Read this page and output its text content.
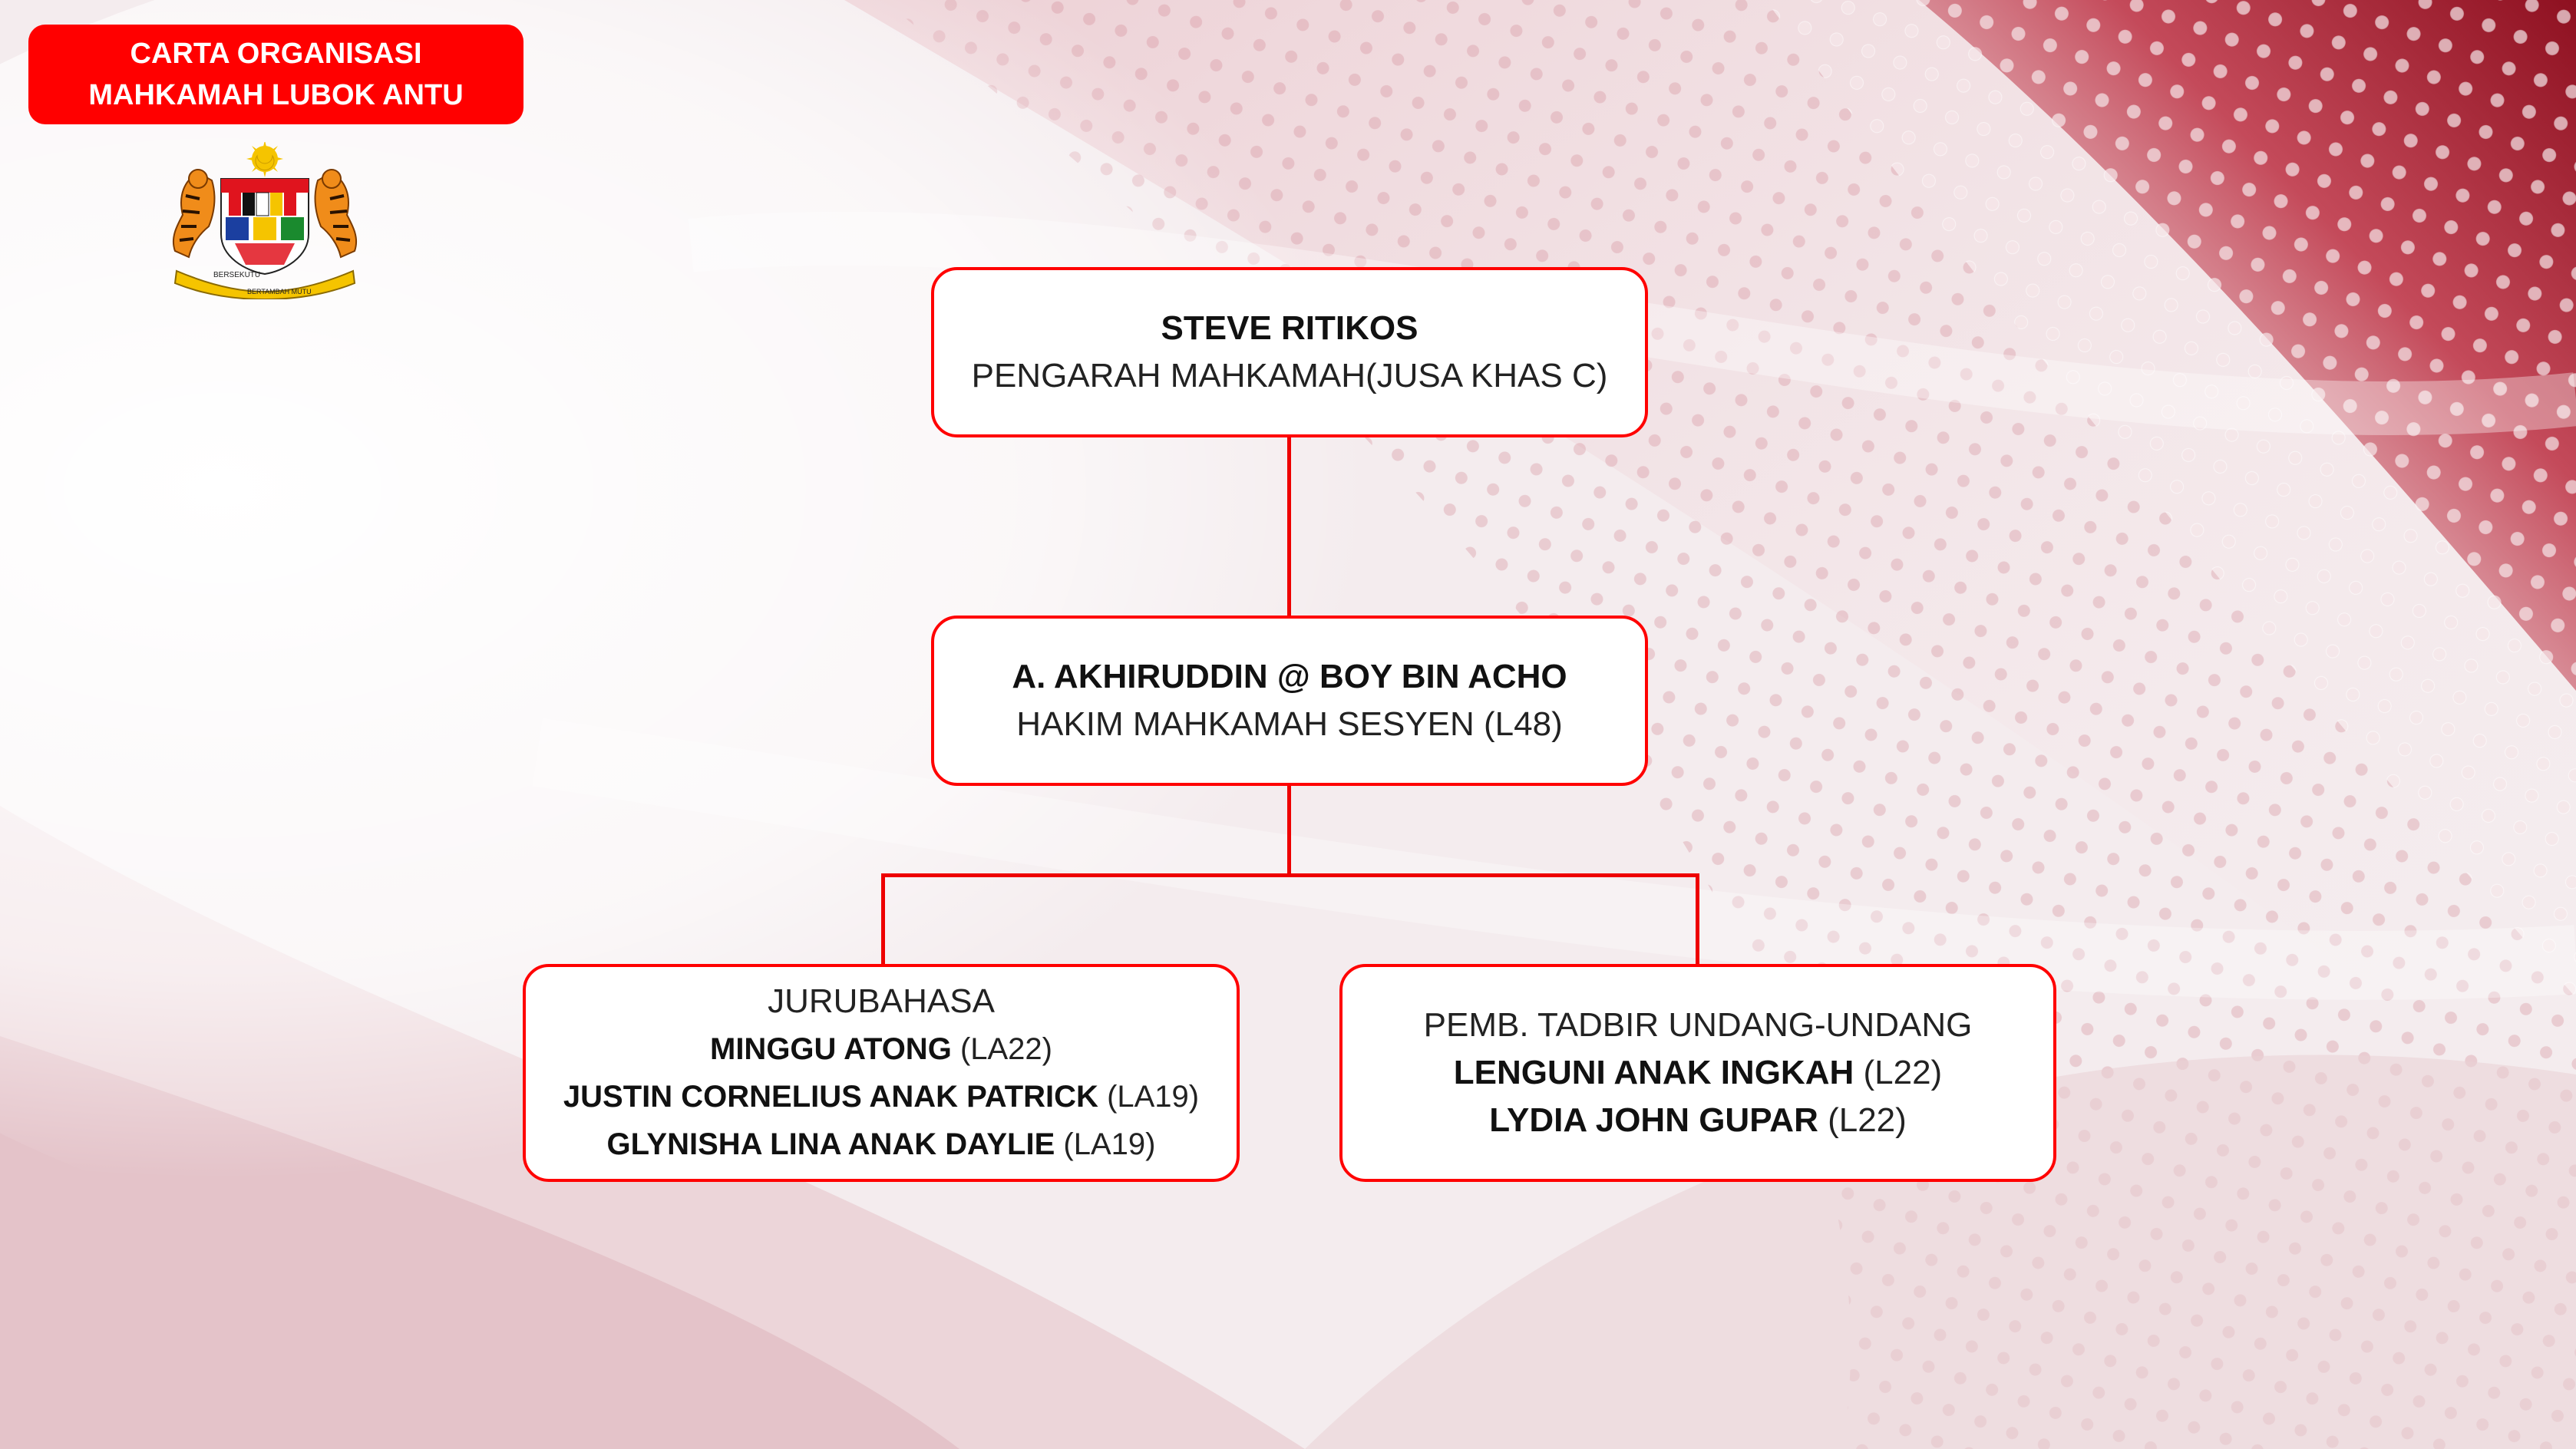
CARTA ORGANISASI
MAHKAMAH LUBOK ANTU
BERSEKUTU
BERTAMBAH MUTU
STEVE RITIKOS
PENGARAH MAHKAMAH(JUSA KHAS C)
A. AKHIRUDDIN @ BOY BIN ACHO
HAKIM MAHKAMAH SESYEN (L48)
JURUBAHASA
MINGGU ATONG (LA22)
JUSTIN CORNELIUS ANAK PATRICK (LA19)
GLYNISHA LINA ANAK DAYLIE (LA19)
PEMB. TADBIR UNDANG-UNDANG
LENGUNI ANAK INGKAH (L22)
LYDIA JOHN GUPAR (L22)
